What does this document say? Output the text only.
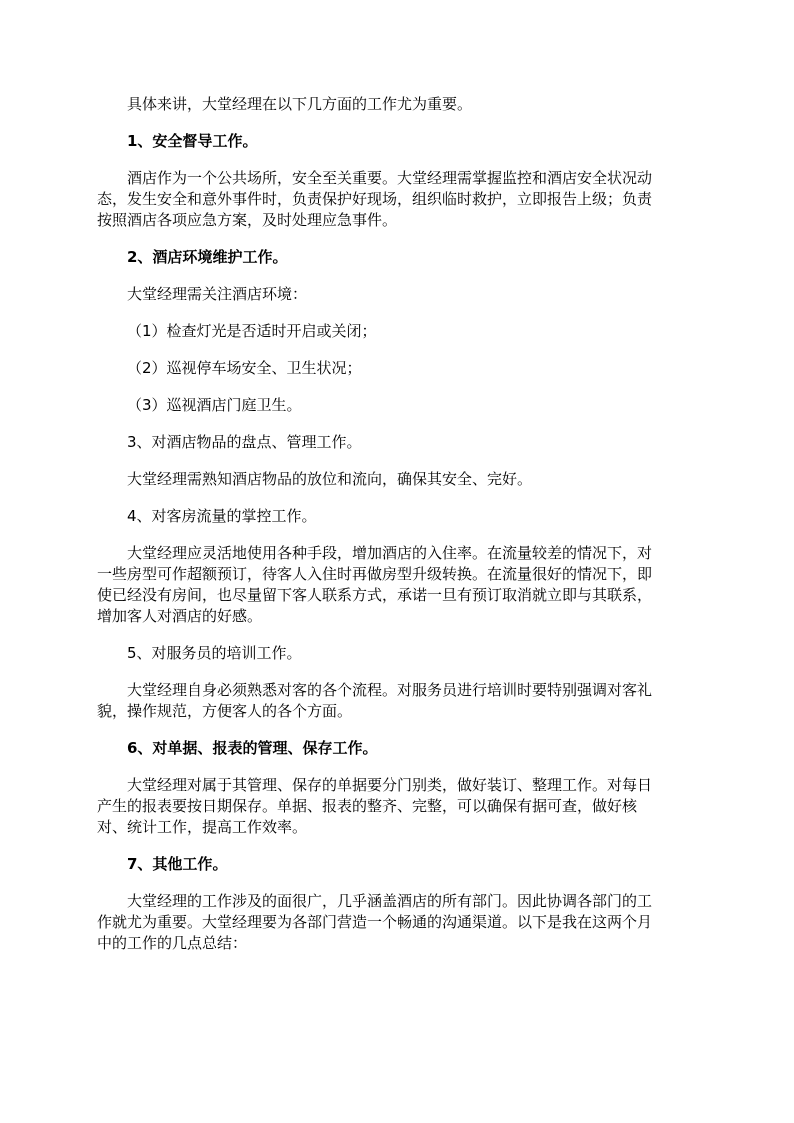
具体来讲，大堂经理在以下几方面的工作尤为重要。
1、安全督导工作。
酒店作为一个公共场所，安全至关重要。大堂经理需掌握监控和酒店安全状况动
态，发生安全和意外事件时，负责保护好现场，组织临时救护，立即报告上级；负责
按照酒店各项应急方案，及时处理应急事件。
2、酒店环境维护工作。
大堂经理需关注酒店环境：
（1）检查灯光是否适时开启或关闭；
（2）巡视停车场安全、卫生状况；
（3）巡视酒店门庭卫生。
3、对酒店物品的盘点、管理工作。
大堂经理需熟知酒店物品的放位和流向，确保其安全、完好。
4、对客房流量的掌控工作。
大堂经理应灵活地使用各种手段，增加酒店的入住率。在流量较差的情况下，对
一些房型可作超额预订，待客人入住时再做房型升级转换。在流量很好的情况下，即
使已经没有房间，也尽量留下客人联系方式，承诺一旦有预订取消就立即与其联系，
增加客人对酒店的好感。
5、对服务员的培训工作。
大堂经理自身必须熟悉对客的各个流程。对服务员进行培训时要特别强调对客礼
貌，操作规范，方便客人的各个方面。
6、对单据、报表的管理、保存工作。
大堂经理对属于其管理、保存的单据要分门别类，做好装订、整理工作。对每日
产生的报表要按日期保存。单据、报表的整齐、完整，可以确保有据可查，做好核
对、统计工作，提高工作效率。
7、其他工作。
大堂经理的工作涉及的面很广，几乎涵盖酒店的所有部门。因此协调各部门的工
作就尤为重要。大堂经理要为各部门营造一个畅通的沟通渠道。以下是我在这两个月
中的工作的几点总结：
